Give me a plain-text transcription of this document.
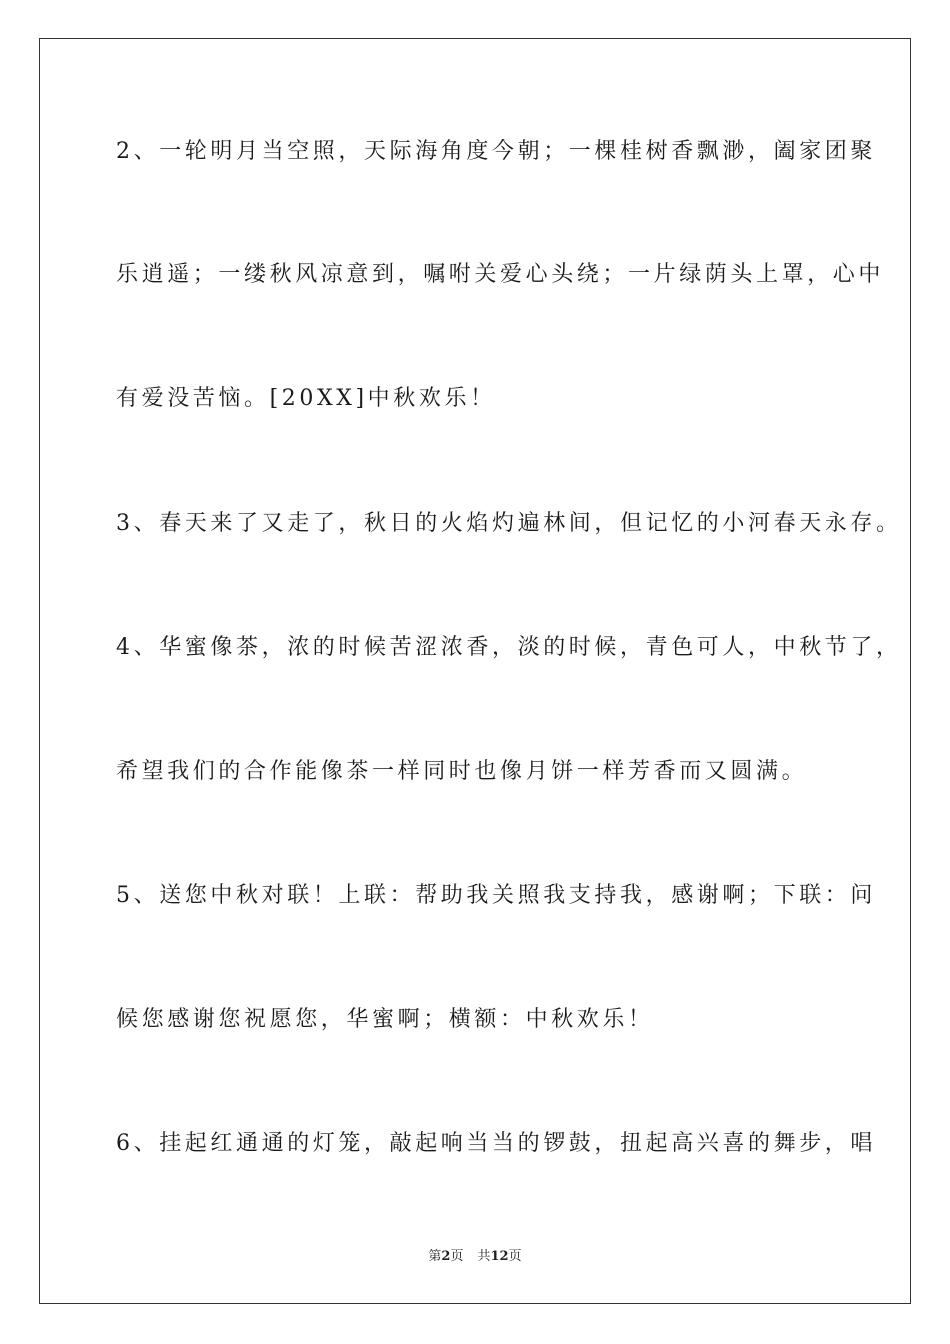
2、一轮明月当空照，天际海角度今朝；一棵桂树香飘渺，阖家团聚
乐逍遥；一缕秋风凉意到，嘱咐关爱心头绕；一片绿荫头上罩，心中
有爱没苦恼。[20XX]中秋欢乐！
3、春天来了又走了，秋日的火焰灼遍林间，但记忆的小河春天永存。
4、华蜜像茶，浓的时候苦涩浓香，淡的时候，青色可人，中秋节了，
希望我们的合作能像茶一样同时也像月饼一样芳香而又圆满。
5、送您中秋对联！上联：帮助我关照我支持我，感谢啊；下联：问
候您感谢您祝愿您，华蜜啊；横额：中秋欢乐！
6、挂起红通通的灯笼，敲起响当当的锣鼓，扭起高兴喜的舞步，唱
第2页 共12页
